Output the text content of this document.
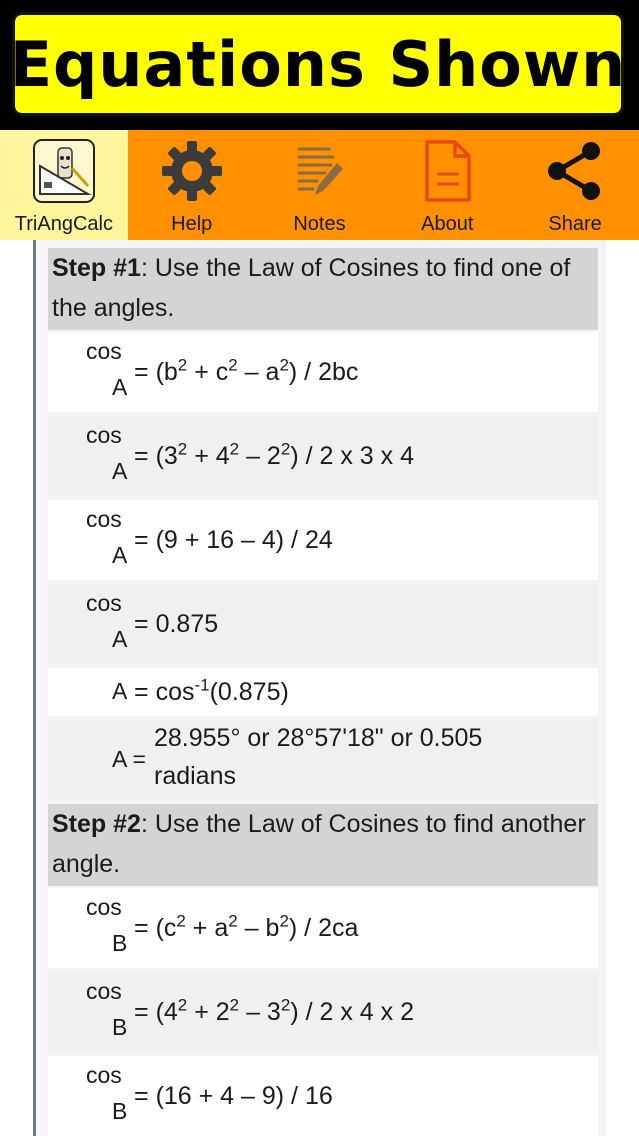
Equations Shown
TriAngCalc	Help	Notes	About	Share
Step #1: Use the Law of Cosines to find one of the angles.
cos
A
= $(b^2 + c^2 - a^2) / 2bc$
cos
A
= $(3^2 + 4^2 - 2^2) / 2$ x 3 x 4
cos
A
= (9 + 16 – 4) / 24
cos
A
= 0.875
$A = \cos^{-1}(0.875)$
A =
28.955° or 28°57'18" or 0.505
radians
Step #2: Use the Law of Cosines to find another angle.
cos
B
= $(c^2 + a^2 - b^2) / 2ca$
cos
B
= $(4^2 + 2^2 - 3^2) / 2$ x 4 x 2
cos
B
= (16 + 4 – 9) / 16
